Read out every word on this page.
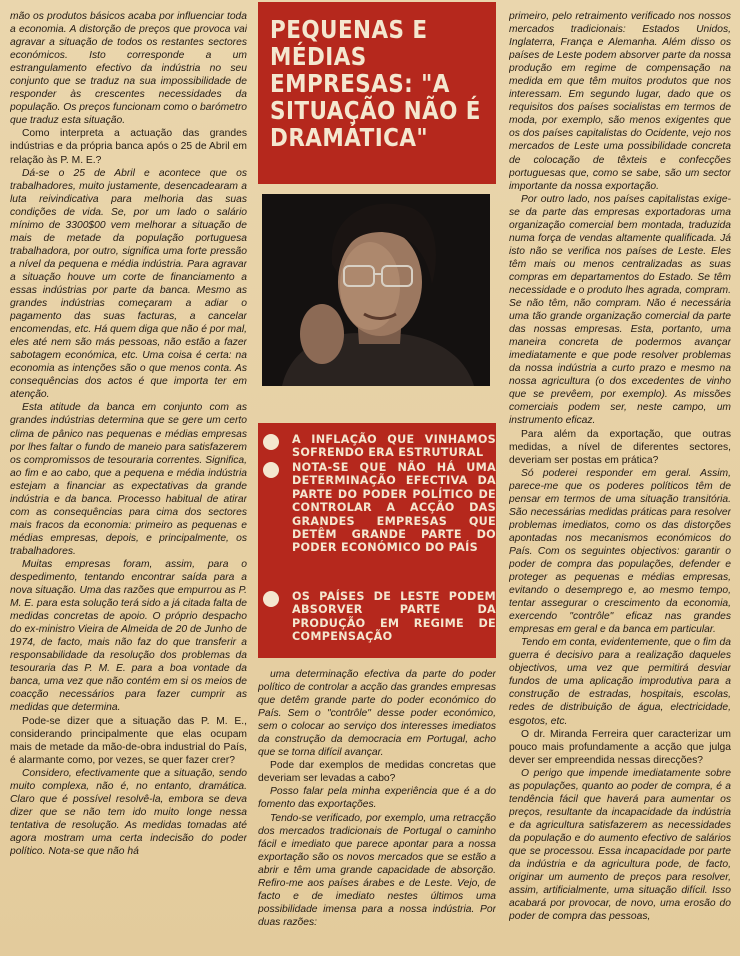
mão os produtos básicos acaba por influenciar toda a economia. A distorção de preços que provoca vai agravar a situação de todos os restantes sectores económicos. Isto corresponde a um estrangulamento efectivo da indústria no seu conjunto que se traduz na sua impossibilidade de responder às crescentes necessidades da população. Os preços funcionam como o barómetro que traduz esta situação.

Como interpreta a actuação das grandes indústrias e da própria banca após o 25 de Abril em relação às P. M. E.?

Dá-se o 25 de Abril e acontece que os trabalhadores, muito justamente, desencadearam a luta reivindicativa para melhoria das suas condições de vida. Se, por um lado o salário mínimo de 3300$00 vem melhorar a situação de mais de metade da população portuguesa trabalhadora, por outro, significa uma forte pressão a nível da pequena e média indústria. Para agravar a situação houve um corte de financiamento a essas indústrias por parte da banca. Mesmo as grandes indústrias começaram a adiar o pagamento das suas facturas, a cancelar encomendas, etc. Há quem diga que não é por mal, eles até nem são más pessoas, não estão a fazer sabotagem económica, etc. Uma coisa é certa: na economia as intenções são o que menos conta. As consequências dos actos é que importa ter em atenção.

Esta atitude da banca em conjunto com as grandes indústrias determina que se gere um certo clima de pânico nas pequenas e médias empresas por lhes faltar o fundo de maneio para satisfazerem os compromissos de tesouraria correntes. Significa, ao fim e ao cabo, que a pequena e média indústria estejam a financiar as expectativas da grande indústria e da banca. Processo habitual de atirar com as consequências para cima dos sectores mais fracos da economia: primeiro as pequenas e médias empresas, depois, e principalmente, os trabalhadores.

Muitas empresas foram, assim, para o despedimento, tentando encontrar saída para a nova situação. Uma das razões que empurrou as P. M. E. para esta solução terá sido a já citada falta de medidas concretas de apoio. O próprio despacho do ex-ministro Vieira de Almeida de 20 de Junho de 1974, de facto, mais não faz do que transferir a responsabilidade da resolução dos problemas da tesouraria das P. M. E. para a boa vontade da banca, uma vez que não contém em si os meios de coacção necessários para fazer cumprir as medidas que determina.

Pode-se dizer que a situação das P. M. E., considerando principalmente que elas ocupam mais de metade da mão-de-obra industrial do País, é alarmante como, por vezes, se quer fazer crer?

Considero, efectivamente que a situação, sendo muito complexa, não é, no entanto, dramática. Claro que é possível resolvê-la, embora se deva dizer que se não tem ido muito longe nessa tentativa de resolução. As medidas tomadas até agora mostram uma certa indecisão do poder político. Nota-se que não há

PEQUENAS E MÉDIAS EMPRESAS: "A SITUAÇÃO NÃO É DRAMÁTICA"
A INFLAÇÃO QUE VINHAMOS SOFRENDO ERA ESTRUTURAL
NOTA-SE QUE NÃO HÁ UMA DETERMINAÇÃO EFECTIVA DA PARTE DO PODER POLÍTICO DE CONTROLAR A ACÇÃO DAS GRANDES EMPRESAS QUE DETÊM GRANDE PARTE DO PODER ECONÓMICO DO PAÍS
OS PAÍSES DE LESTE PODEM ABSORVER PARTE DA PRODUÇÃO EM REGIME DE COMPENSAÇÃO

uma determinação efectiva da parte do poder político de controlar a acção das grandes empresas que detêm grande parte do poder económico do País. Sem o "contrôle" desse poder económico, sem o colocar ao serviço dos interesses imediatos da construção da democracia em Portugal, acho que se torna difícil avançar.

Pode dar exemplos de medidas concretas que deveriam ser levadas a cabo?

Posso falar pela minha experiência que é a do fomento das exportações.

Tendo-se verificado, por exemplo, uma retracção dos mercados tradicionais de Portugal o caminho fácil e imediato que parece apontar para a nossa exportação são os novos mercados que se estão a abrir e têm uma grande capacidade de absorção. Refiro-me aos países árabes e de Leste. Vejo, de facto e de imediato nestes últimos uma possibilidade imensa para a nossa indústria. Por duas razões:

primeiro, pelo retraimento verificado nos nossos mercados tradicionais: Estados Unidos, Inglaterra, França e Alemanha. Além disso os países de Leste podem absorver parte da nossa produção em regime de compensação na medida em que têm muitos produtos que nos interessam. Em segundo lugar, dado que os requisitos dos países socialistas em termos de moda, por exemplo, são menos exigentes que os dos países capitalistas do Ocidente, vejo nos mercados de Leste uma possibilidade concreta de colocação de têxteis e confecções portuguesas que, como se sabe, são um sector importante da nossa exportação.

Por outro lado, nos países capitalistas exige-se da parte das empresas exportadoras uma organização comercial bem montada, traduzida numa força de vendas altamente qualificada. Já isto não se verifica nos países de Leste. Eles têm mais ou menos centralizadas as suas compras em departamentos do Estado. Se têm necessidade e o produto lhes agrada, compram. Se não têm, não compram. Não é necessária uma tão grande organização comercial da parte das nossas empresas. Esta, portanto, uma maneira concreta de podermos avançar imediatamente e que pode resolver problemas da nossa indústria a curto prazo e mesmo na nossa agricultura (o dos excedentes de vinho que se prevêem, por exemplo). As missões comerciais podem ser, neste campo, um instrumento eficaz.

Para além da exportação, que outras medidas, a nível de diferentes sectores, deveriam ser postas em prática?

Só poderei responder em geral. Assim, parece-me que os poderes políticos têm de pensar em termos de uma situação transitória. São necessárias medidas práticas para resolver problemas imediatos, como os das distorções apontadas nos mecanismos económicos do País. Com os seguintes objectivos: garantir o poder de compra das populações, defender e proteger as pequenas e médias empresas, evitando o desemprego e, ao mesmo tempo, tentar assegurar o crescimento da economia, exercendo "contrôle" eficaz nas grandes empresas em geral e da banca em particular.

Tendo em conta, evidentemente, que o fim da guerra é decisivo para a realização daqueles objectivos, uma vez que permitirá desviar fundos de uma aplicação improdutiva para a construção de estradas, hospitais, escolas, redes de distribuição de água, electricidade, esgotos, etc.

O dr. Miranda Ferreira quer caracterizar um pouco mais profundamente a acção que julga dever ser empreendida nessas direcções?

O perigo que impende imediatamente sobre as populações, quanto ao poder de compra, é a tendência fácil que haverá para aumentar os preços, resultante da incapacidade da indústria e da agricultura satisfazerem as necessidades da população e do aumento efectivo de salários que se processou. Essa incapacidade por parte da indústria e da agricultura pode, de facto, originar um aumento de preços para resolver, assim, artificialmente, uma situação difícil. Isso acabará por provocar, de novo, uma erosão do poder de compra das pessoas,
